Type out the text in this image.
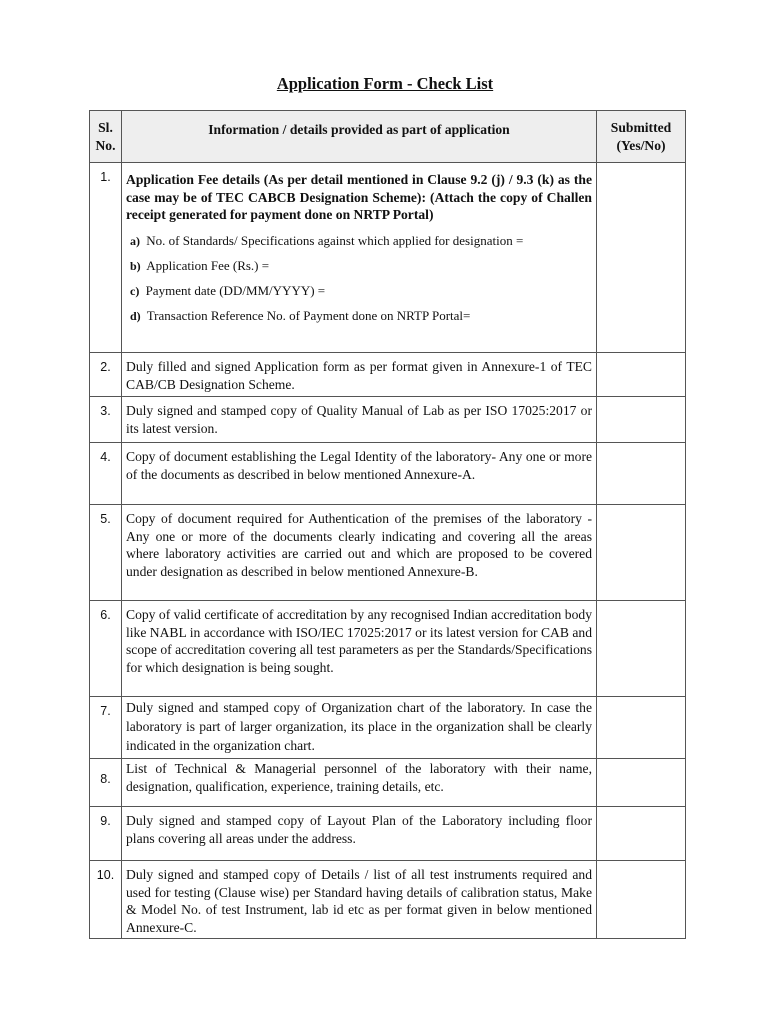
Application Form - Check List
Sl. No.	Information / details provided as part of application	Submitted (Yes/No)
1.	Application Fee details (As per detail mentioned in Clause 9.2 (j) / 9.3 (k) as the case may be of TEC CABCB Designation Scheme): (Attach the copy of Challen receipt generated for payment done on NRTP Portal)
a) No. of Standards/ Specifications against which applied for designation =
b) Application Fee (Rs.) =
c) Payment date (DD/MM/YYYY) =
d) Transaction Reference No. of Payment done on NRTP Portal=	

2.	Duly filled and signed Application form as per format given in Annexure-1 of TEC CAB/CB Designation Scheme.	
3.	Duly signed and stamped copy of Quality Manual of Lab as per ISO 17025:2017 or its latest version.	
4.	Copy of document establishing the Legal Identity of the laboratory- Any one or more of the documents as described in below mentioned Annexure-A.	
5.	Copy of document required for Authentication of the premises of the laboratory - Any one or more of the documents clearly indicating and covering all the areas where laboratory activities are carried out and which are proposed to be covered under designation as described in below mentioned Annexure-B.	
6.	Copy of valid certificate of accreditation by any recognised Indian accreditation body like NABL in accordance with ISO/IEC 17025:2017 or its latest version for CAB and scope of accreditation covering all test parameters as per the Standards/Specifications for which designation is being sought.	
7.	Duly signed and stamped copy of Organization chart of the laboratory. In case the laboratory is part of larger organization, its place in the organization shall be clearly indicated in the organization chart.	
8.	List of Technical & Managerial personnel of the laboratory with their name, designation, qualification, experience, training details, etc.	
9.	Duly signed and stamped copy of Layout Plan of the Laboratory including floor plans covering all areas under the address.	
10.	Duly signed and stamped copy of Details / list of all test instruments required and used for testing (Clause wise) per Standard having details of calibration status, Make & Model No. of test Instrument, lab id etc as per format given in below mentioned Annexure-C.	
